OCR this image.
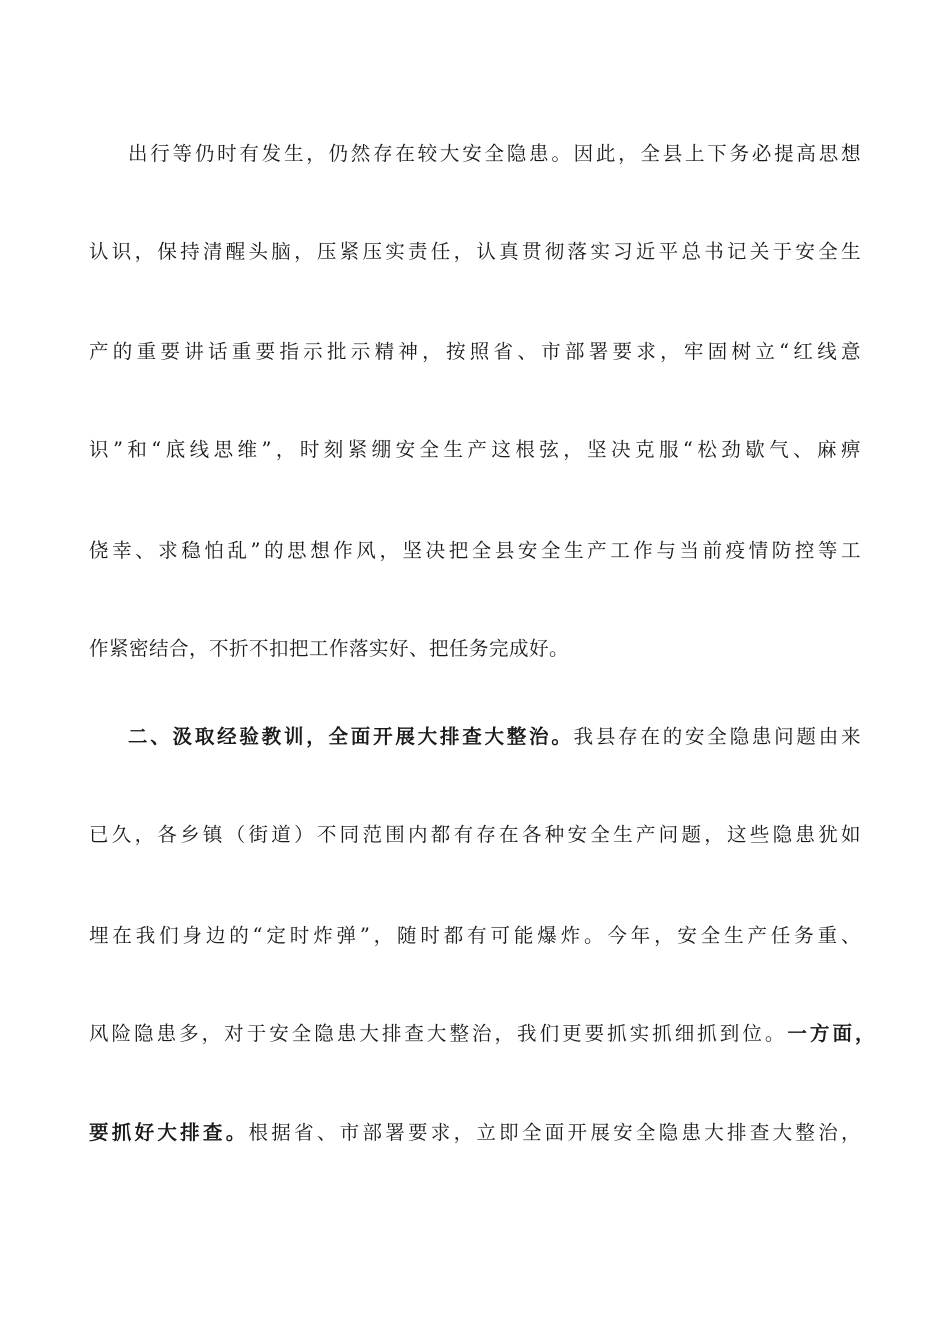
出行等仍时有发生，仍然存在较大安全隐患。因此，全县上下务必提高思想
认识，保持清醒头脑，压紧压实责任，认真贯彻落实习近平总书记关于安全生
产的重要讲话重要指示批示精神，按照省、市部署要求，牢固树立“红线意
识”和“底线思维”，时刻紧绷安全生产这根弦，坚决克服“松劲歇气、麻痹
侥幸、求稳怕乱”的思想作风，坚决把全县安全生产工作与当前疫情防控等工
作紧密结合，不折不扣把工作落实好、把任务完成好。
二、汲取经验教训，全面开展大排查大整治。我县存在的安全隐患问题由来
已久，各乡镇（街道）不同范围内都有存在各种安全生产问题，这些隐患犹如
埋在我们身边的“定时炸弹”，随时都有可能爆炸。今年，安全生产任务重、
风险隐患多，对于安全隐患大排查大整治，我们更要抓实抓细抓到位。一方面，
要抓好大排查。根据省、市部署要求，立即全面开展安全隐患大排查大整治，
